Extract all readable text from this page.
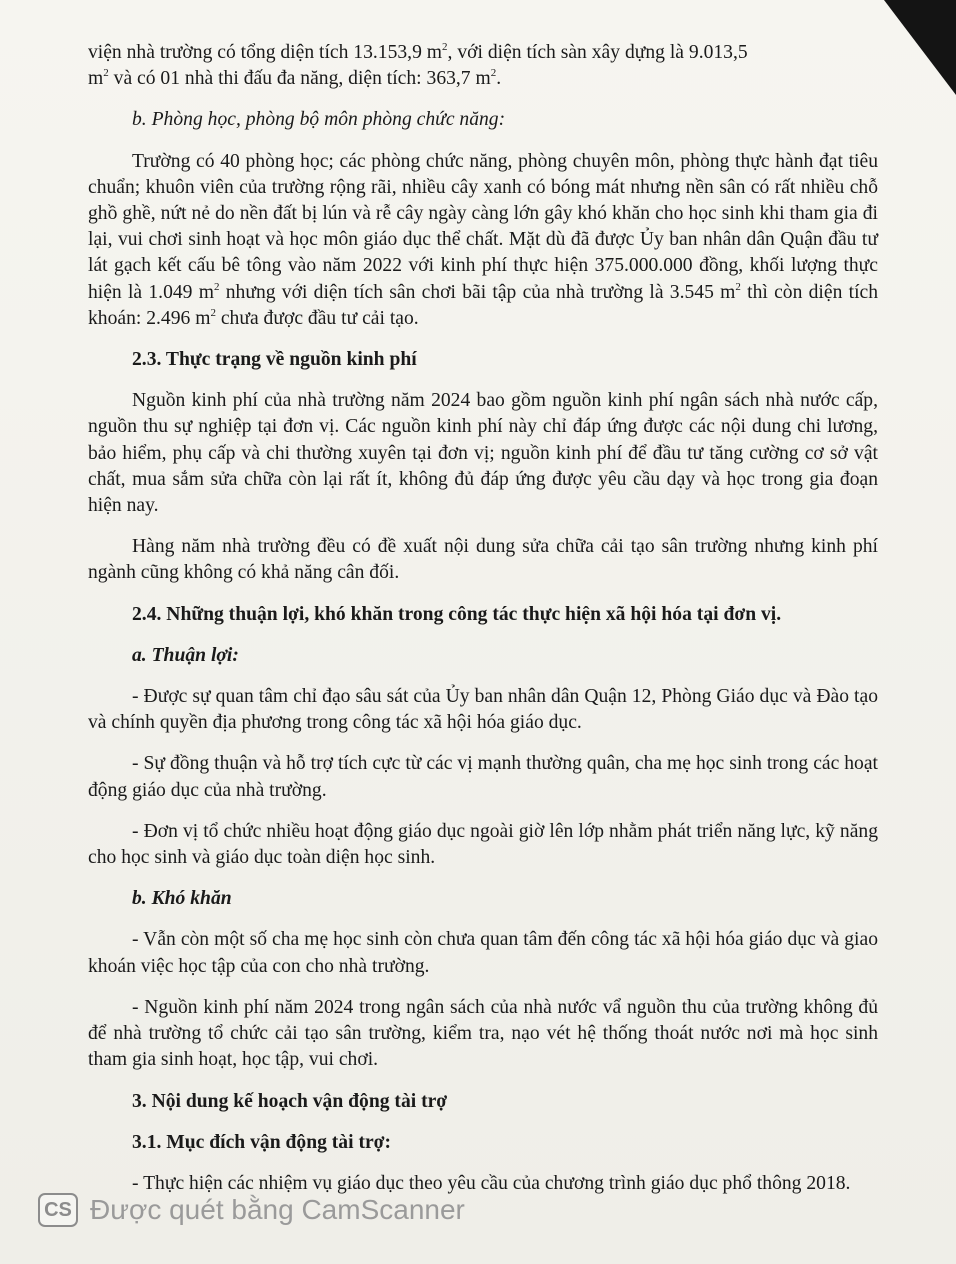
viện nhà trường có tổng diện tích 13.153,9 $m^2$, với diện tích sàn xây dựng là 9.013,5
$m^2$ và có 01 nhà thi đấu đa năng, diện tích: 363,7 $m^2$.

b. Phòng học, phòng bộ môn phòng chức năng:

Trường có 40 phòng học; các phòng chức năng, phòng chuyên môn, phòng thực hành đạt tiêu chuẩn; khuôn viên của trường rộng rãi, nhiều cây xanh có bóng mát nhưng nền sân có rất nhiều chỗ ghồ ghề, nứt nẻ do nền đất bị lún và rễ cây ngày càng lớn gây khó khăn cho học sinh khi tham gia đi lại, vui chơi sinh hoạt và học môn giáo dục thể chất. Mặt dù đã được Ủy ban nhân dân Quận đầu tư lát gạch kết cấu bê tông vào năm 2022 với kinh phí thực hiện 375.000.000 đồng, khối lượng thực hiện là 1.049 $m^2$ nhưng với diện tích sân chơi bãi tập của nhà trường là 3.545 $m^2$ thì còn diện tích khoán: 2.496 $m^2$ chưa được đầu tư cải tạo.

2.3. Thực trạng về nguồn kinh phí

Nguồn kinh phí của nhà trường năm 2024 bao gồm nguồn kinh phí ngân sách nhà nước cấp, nguồn thu sự nghiệp tại đơn vị. Các nguồn kinh phí này chỉ đáp ứng được các nội dung chi lương, bảo hiểm, phụ cấp và chi thường xuyên tại đơn vị; nguồn kinh phí để đầu tư tăng cường cơ sở vật chất, mua sắm sửa chữa còn lại rất ít, không đủ đáp ứng được yêu cầu dạy và học trong gia đoạn hiện nay.

Hàng năm nhà trường đều có đề xuất nội dung sửa chữa cải tạo sân trường nhưng kinh phí ngành cũng không có khả năng cân đối.

2.4. Những thuận lợi, khó khăn trong công tác thực hiện xã hội hóa tại đơn vị.

a. Thuận lợi:

- Được sự quan tâm chỉ đạo sâu sát của Ủy ban nhân dân Quận 12, Phòng Giáo dục và Đào tạo và chính quyền địa phương trong công tác xã hội hóa giáo dục.

- Sự đồng thuận và hỗ trợ tích cực từ các vị mạnh thường quân, cha mẹ học sinh trong các hoạt động giáo dục của nhà trường.

- Đơn vị tổ chức nhiều hoạt động giáo dục ngoài giờ lên lớp nhằm phát triển năng lực, kỹ năng cho học sinh và giáo dục toàn diện học sinh.

b. Khó khăn

- Vẫn còn một số cha mẹ học sinh còn chưa quan tâm đến công tác xã hội hóa giáo dục và giao khoán việc học tập của con cho nhà trường.

- Nguồn kinh phí năm 2024 trong ngân sách của nhà nước vẩ nguồn thu của trường không đủ để nhà trường tổ chức cải tạo sân trường, kiểm tra, nạo vét hệ thống thoát nước nơi mà học sinh tham gia sinh hoạt, học tập, vui chơi.

3. Nội dung kế hoạch vận động tài trợ

3.1. Mục đích vận động tài trợ:

- Thực hiện các nhiệm vụ giáo dục theo yêu cầu của chương trình giáo dục phổ thông 2018.

CS Được quét bằng CamScanner
